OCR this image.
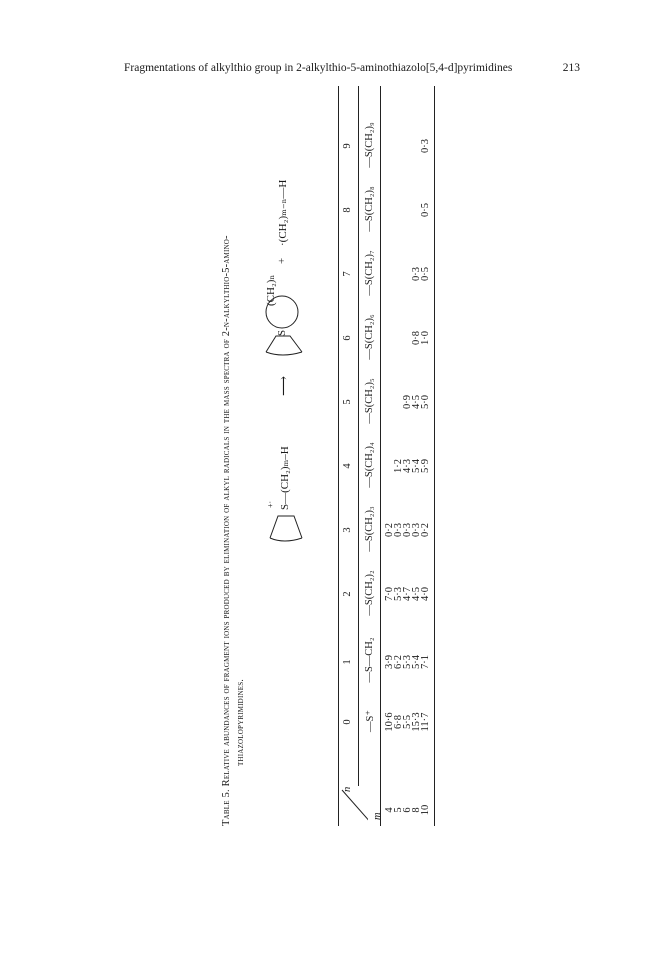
Fragmentations of alkylthio group in 2-alkylthio-5-aminothiazolo[5,4-d]pyrimidines	213
Table 5. Relative abundances of fragment ions produced by elimination of alkyl radicals in the mass spectra of 2-n-alkylthio-5-amino- thiazolopyrimidines.
+· S—(CH₂)ₘ–H
⟶
S
(CH₂)ₙ
+
·(CH₂)ₘ₋ₙ—H
n
m
0
1
2
3
4
5
6
7
8
9
—S⁺
—S—CH₂
—S(CH₂)₂
—S(CH₂)₃
—S(CH₂)₄
—S(CH₂)₅
—S(CH₂)₆
—S(CH₂)₇
—S(CH₂)₈
—S(CH₂)₉
4
10·6
3·9
7·0
0·2
5
6·8
6·2
5·3
0·3
1·2
6
5·5
5·3
4·7
0·3
4·3
0·9
8
15·3
5·4
4·5
0·3
5·4
4·5
0·8
0·3
10
11·7
7·1
4·0
0·2
5·9
5·0
1·0
0·5
0·5
0·3
